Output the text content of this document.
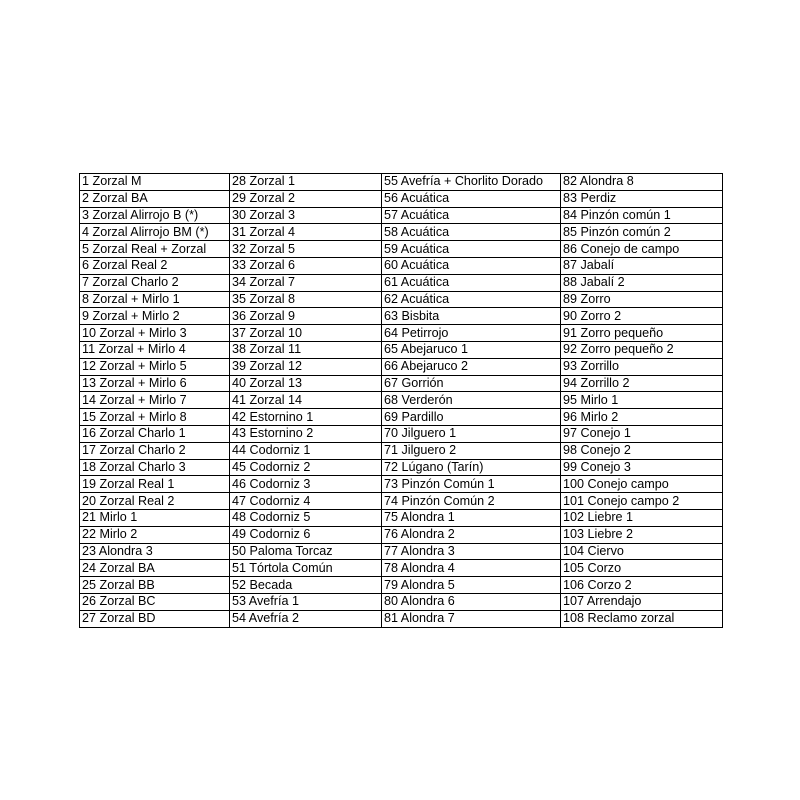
1 Zorzal M	28 Zorzal 1	55 Avefría + Chorlito Dorado	82 Alondra 8
2 Zorzal BA	29 Zorzal 2	56 Acuática	83 Perdiz
3 Zorzal Alirrojo B (*)	30 Zorzal 3	57 Acuática	84 Pinzón común 1
4 Zorzal Alirrojo BM (*)	31 Zorzal 4	58 Acuática	85 Pinzón común 2
5 Zorzal Real + Zorzal	32 Zorzal 5	59 Acuática	86 Conejo de campo
6 Zorzal Real 2	33 Zorzal 6	60 Acuática	87 Jabalí
7 Zorzal Charlo 2	34 Zorzal 7	61 Acuática	88 Jabalí 2
8 Zorzal + Mirlo 1	35 Zorzal 8	62 Acuática	89 Zorro
9 Zorzal + Mirlo 2	36 Zorzal 9	63 Bisbita	90 Zorro 2
10 Zorzal + Mirlo 3	37 Zorzal 10	64 Petirrojo	91 Zorro pequeño
11 Zorzal + Mirlo 4	38 Zorzal 11	65 Abejaruco 1	92 Zorro pequeño 2
12 Zorzal + Mirlo 5	39 Zorzal 12	66 Abejaruco 2	93 Zorrillo
13 Zorzal + Mirlo 6	40 Zorzal 13	67 Gorrión	94 Zorrillo 2
14 Zorzal + Mirlo 7	41 Zorzal 14	68 Verderón	95 Mirlo 1
15 Zorzal + Mirlo 8	42 Estornino 1	69 Pardillo	96 Mirlo 2
16 Zorzal Charlo 1	43 Estornino 2	70 Jilguero 1	97 Conejo 1
17 Zorzal Charlo 2	44 Codorniz 1	71 Jilguero 2	98 Conejo 2
18 Zorzal Charlo 3	45 Codorniz 2	72 Lúgano (Tarín)	99 Conejo 3
19 Zorzal Real 1	46 Codorniz 3	73 Pinzón Común 1	100 Conejo campo
20 Zorzal Real 2	47 Codorniz 4	74 Pinzón Común 2	101 Conejo campo 2
21 Mirlo 1	48 Codorniz 5	75 Alondra 1	102 Liebre 1
22 Mirlo 2	49 Codorniz 6	76 Alondra 2	103 Liebre 2
23 Alondra 3	50 Paloma Torcaz	77 Alondra 3	104 Ciervo
24 Zorzal BA	51 Tórtola Común	78 Alondra 4	105 Corzo
25 Zorzal BB	52 Becada	79 Alondra 5	106 Corzo 2
26 Zorzal BC	53 Avefría 1	80 Alondra 6	107 Arrendajo
27 Zorzal BD	54 Avefría 2	81 Alondra 7	108 Reclamo zorzal
